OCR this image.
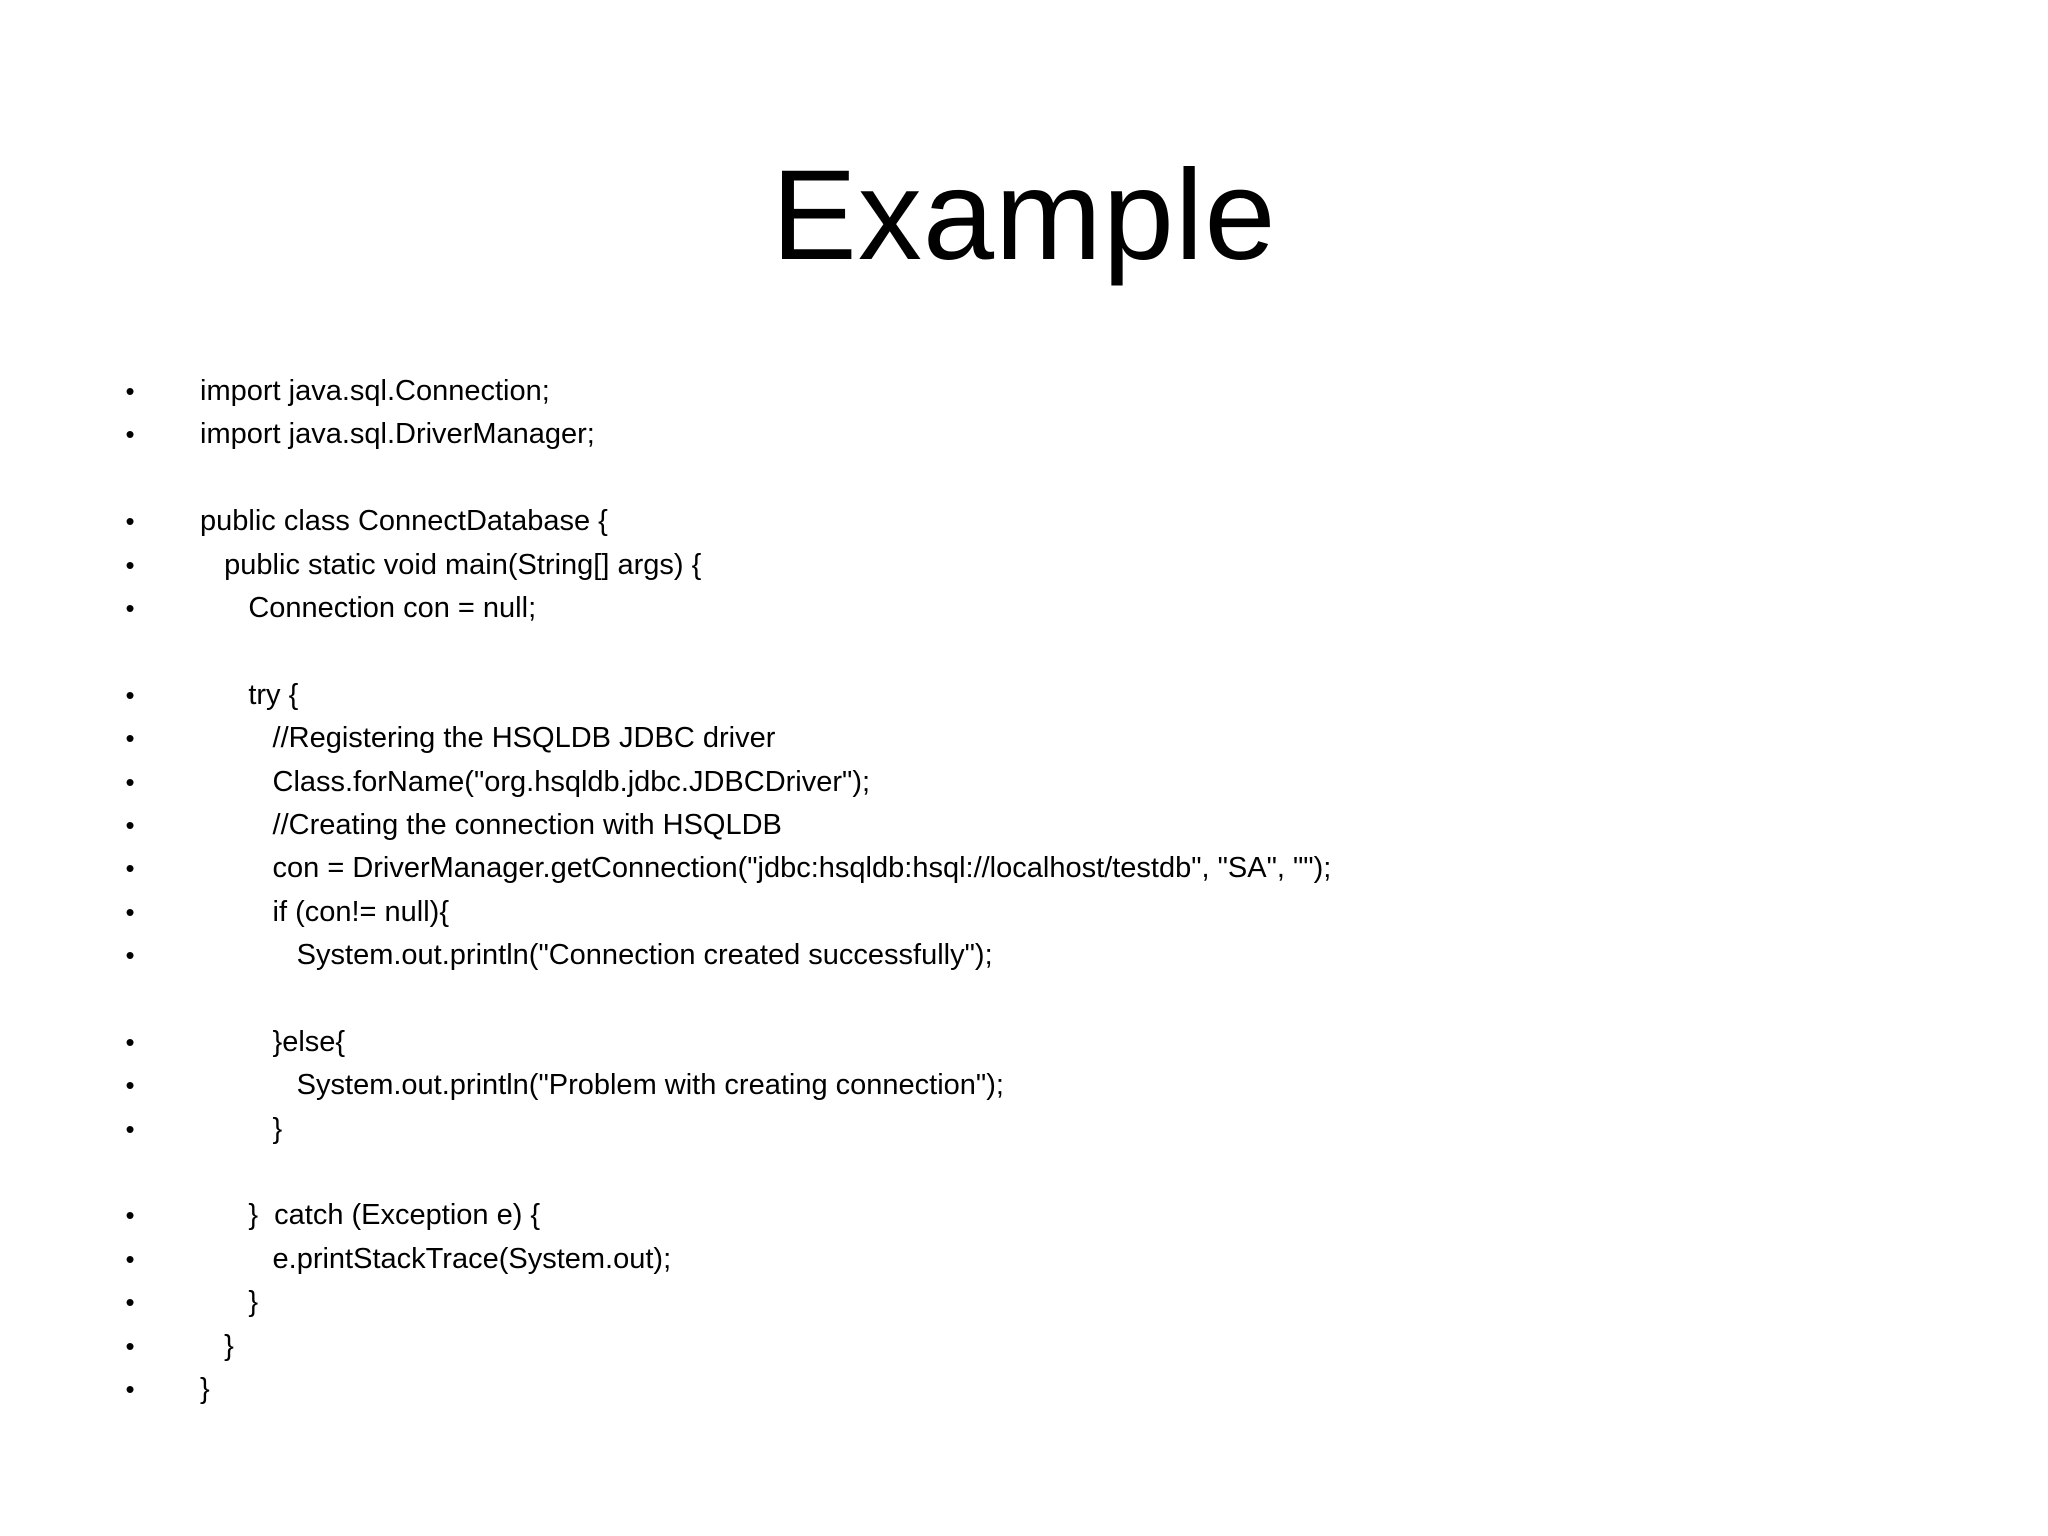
Example
• import java.sql.Connection;
• import java.sql.DriverManager;
• public class ConnectDatabase {
• public static void main(String[] args) {
• Connection con = null;
• try {
• //Registering the HSQLDB JDBC driver
• Class.forName("org.hsqldb.jdbc.JDBCDriver");
• //Creating the connection with HSQLDB
• con = DriverManager.getConnection("jdbc:hsqldb:hsql://localhost/testdb", "SA", "");
• if (con!= null){
• System.out.println("Connection created successfully");
• }else{
• System.out.println("Problem with creating connection");
• }
• }  catch (Exception e) {
• e.printStackTrace(System.out);
• }
• }
• }
